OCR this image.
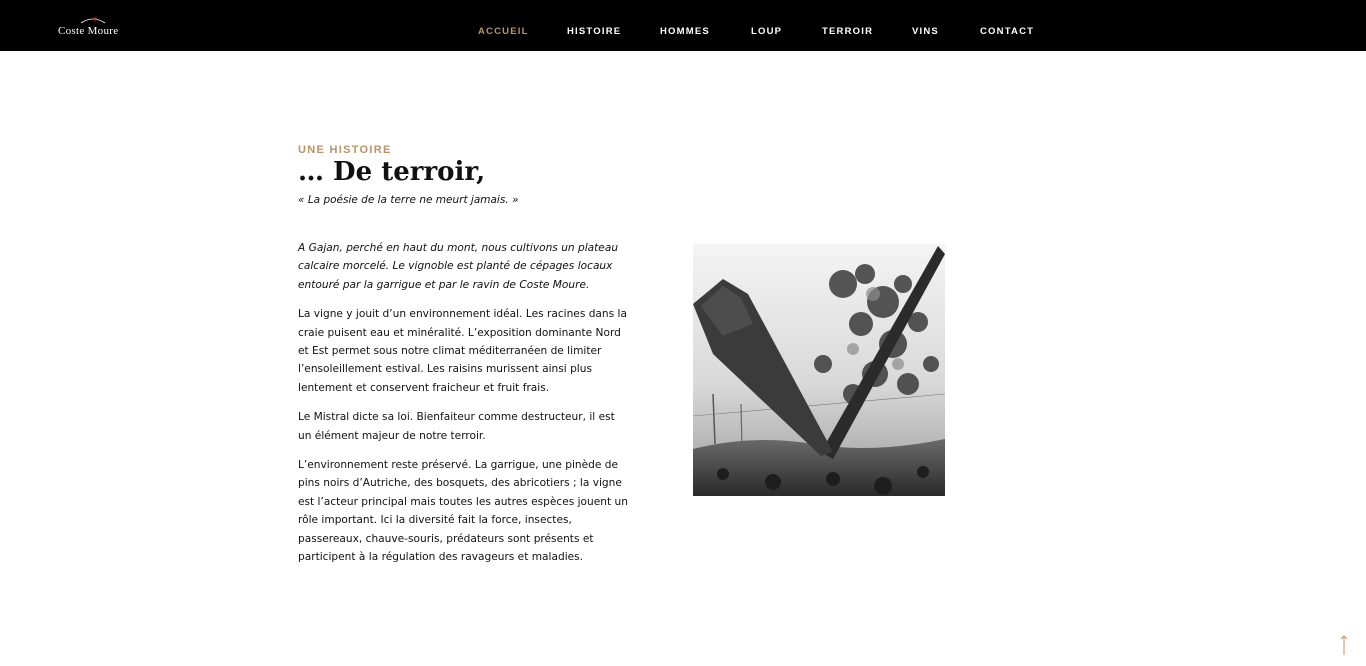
Coste Moure	ACCUEIL	HISTOIRE	HOMMES	LOUP	TERROIR	VINS	CONTACT
UNE HISTOIRE
… De terroir,
« La poésie de la terre ne meurt jamais. »

A Gajan, perché en haut du mont, nous cultivons un plateau calcaire morcelé. Le vignoble est planté de cépages locaux entouré par la garrigue et par le ravin de Coste Moure.

La vigne y jouit d’un environnement idéal. Les racines dans la craie puisent eau et minéralité. L’exposition dominante Nord et Est permet sous notre climat méditerranéen de limiter l’ensoleillement estival. Les raisins murissent ainsi plus lentement et conservent fraicheur et fruit frais.

Le Mistral dicte sa loi. Bienfaiteur comme destructeur, il est un élément majeur de notre terroir.

L’environnement reste préservé. La garrigue, une pinède de pins noirs d’Autriche, des bosquets, des abricotiers ; la vigne est l’acteur principal mais toutes les autres espèces jouent un rôle important. Ici la diversité fait la force, insectes, passereaux, chauve-souris, prédateurs sont présents et participent à la régulation des ravageurs et maladies.
